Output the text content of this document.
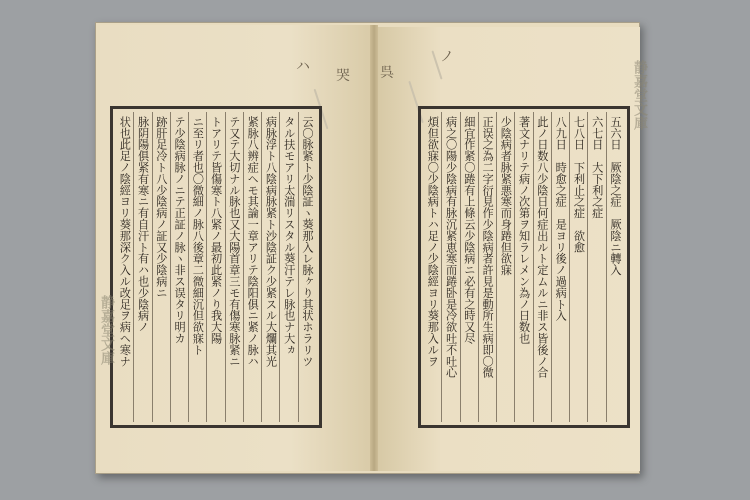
ハ
哭 呉
ノ
云〇脉紧ト少陰証ヽ葵那入レ脉ヶり其状ホラリツ
タル扶モアリ太湍リスタル葵汗テレ脉也ナ大ヵ
病脉浮ト八陰病脉紧ト沙陰証ク少紧スル大爛其光
紧脉八辨症ヘモ其論一章アリテ陰阳俱ニ紧ノ脉ハ
テ又テ大切ナル脉也又大陽首章三モ有傷寒脉紧ニ
トアリテ皆傷寒ト八紧ノ最初此紧ノり我大陽
ニ至リ者也〇微細ノ脉八後章二微細沉但欲寐ト
テ少陰病脉ノニテ正証ノ脉ヽ非ス误タリ明カ
跡肝足冷ト八少陰病ノ証又少陰病ニ
脉阴陽俱紧有寒ニ有自汗ト有ハ也少陰病ノ
状也此足ノ陰經ヨリ葵那深ク入ル改足ヲ病ヘ寒ナ	五六日　厥陰之症　厥陰ニ轉入
六七日　大下利之症　
七八日　下利止之症　欲愈
八九日　時愈之症　是ヨリ後ノ過病ト入
此ノ日数八少陰日何症出ルト定ムルニ非ス皆後ノ合
著文ナリテ病ノ次第ヲ知ラレメン為ノ日数也
少陰病者脉紧悪寒而身踡但欲寐
正误之為二字衍見作少陰病者許見是動所生病即〇微
細宜作紧〇踡有上條云少陰病ニ必有之時又尽
病之〇陽少陰病有脉沉紧恵寒而踡卧是冷欲吐不吐心
煩但欲寐〇少陰病トハ足ノ少陰經ヨリ葵那入ルヲ
静嘉堂文庫
静嘉堂文庫
